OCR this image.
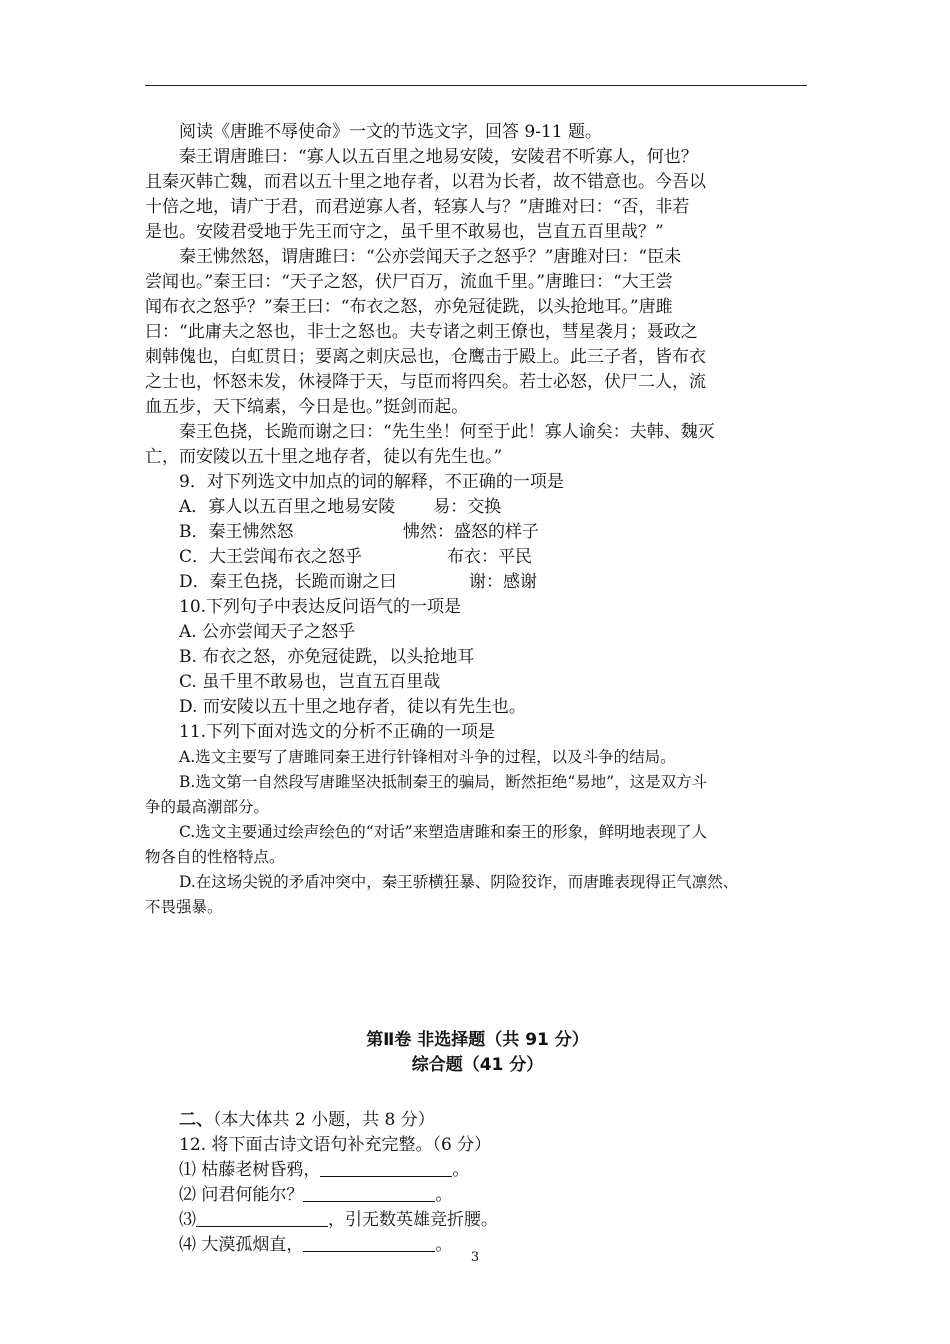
阅读《唐雎不辱使命》一文的节选文字，回答 9-11 题。
秦王谓唐雎曰：“寡人以五百里之地易安陵，安陵君不听寡人，何也？
且秦灭韩亡魏，而君以五十里之地存者，以君为长者，故不错意也。今吾以
十倍之地，请广于君，而君逆寡人者，轻寡人与？”唐雎对曰：“否，非若
是也。安陵君受地于先王而守之，虽千里不敢易也，岂直五百里哉？”
秦王怫然怒，谓唐雎曰：“公亦尝闻天子之怒乎？”唐雎对曰：“臣未
尝闻也。”秦王曰：“天子之怒，伏尸百万，流血千里。”唐雎曰：“大王尝
闻布衣之怒乎？”秦王曰：“布衣之怒，亦免冠徒跣，以头抢地耳。”唐雎
曰：“此庸夫之怒也，非士之怒也。夫专诸之刺王僚也，彗星袭月；聂政之
刺韩傀也，白虹贯日；要离之刺庆忌也，仓鹰击于殿上。此三子者，皆布衣
之士也，怀怒未发，休祲降于天，与臣而将四矣。若士必怒，伏尸二人，流
血五步，天下缟素，今日是也。”挺剑而起。
秦王色挠，长跪而谢之曰：“先生坐！何至于此！寡人谕矣：夫韩、魏灭
亡，而安陵以五十里之地存者，徒以有先生也。”
9．对下列选文中加点的词的解释，不正确的一项是
A．寡人以五百里之地易安陵 易：交换
B．秦王怫然怒	怫然：盛怒的样子
C．大王尝闻布衣之怒乎	布衣：平民
D．秦王色挠，长跪而谢之曰	谢：感谢
10.下列句子中表达反问语气的一项是
A. 公亦尝闻天子之怒乎
B. 布衣之怒，亦免冠徒跣，以头抢地耳
C. 虽千里不敢易也，岂直五百里哉
D. 而安陵以五十里之地存者，徒以有先生也。
11.下列下面对选文的分析不正确的一项是
A.选文主要写了唐雎同秦王进行针锋相对斗争的过程，以及斗争的结局。
B.选文第一自然段写唐雎坚决抵制秦王的骗局，断然拒绝“易地”，这是双方斗
争的最高潮部分。
C.选文主要通过绘声绘色的“对话”来塑造唐雎和秦王的形象，鲜明地表现了人
物各自的性格特点。
D.在这场尖锐的矛盾冲突中，秦王骄横狂暴、阴险狡诈，而唐雎表现得正气凛然、
不畏强暴。
第Ⅱ卷 非选择题（共 91 分）
综合题（41 分）
二、（本大体共 2 小题，共 8 分）
12. 将下面古诗文语句补充完整。（6 分）
⑴ 枯藤老树昏鸦，	。
⑵ 问君何能尔？	。
⑶	，引无数英雄竞折腰。
⑷ 大漠孤烟直，	。
3
